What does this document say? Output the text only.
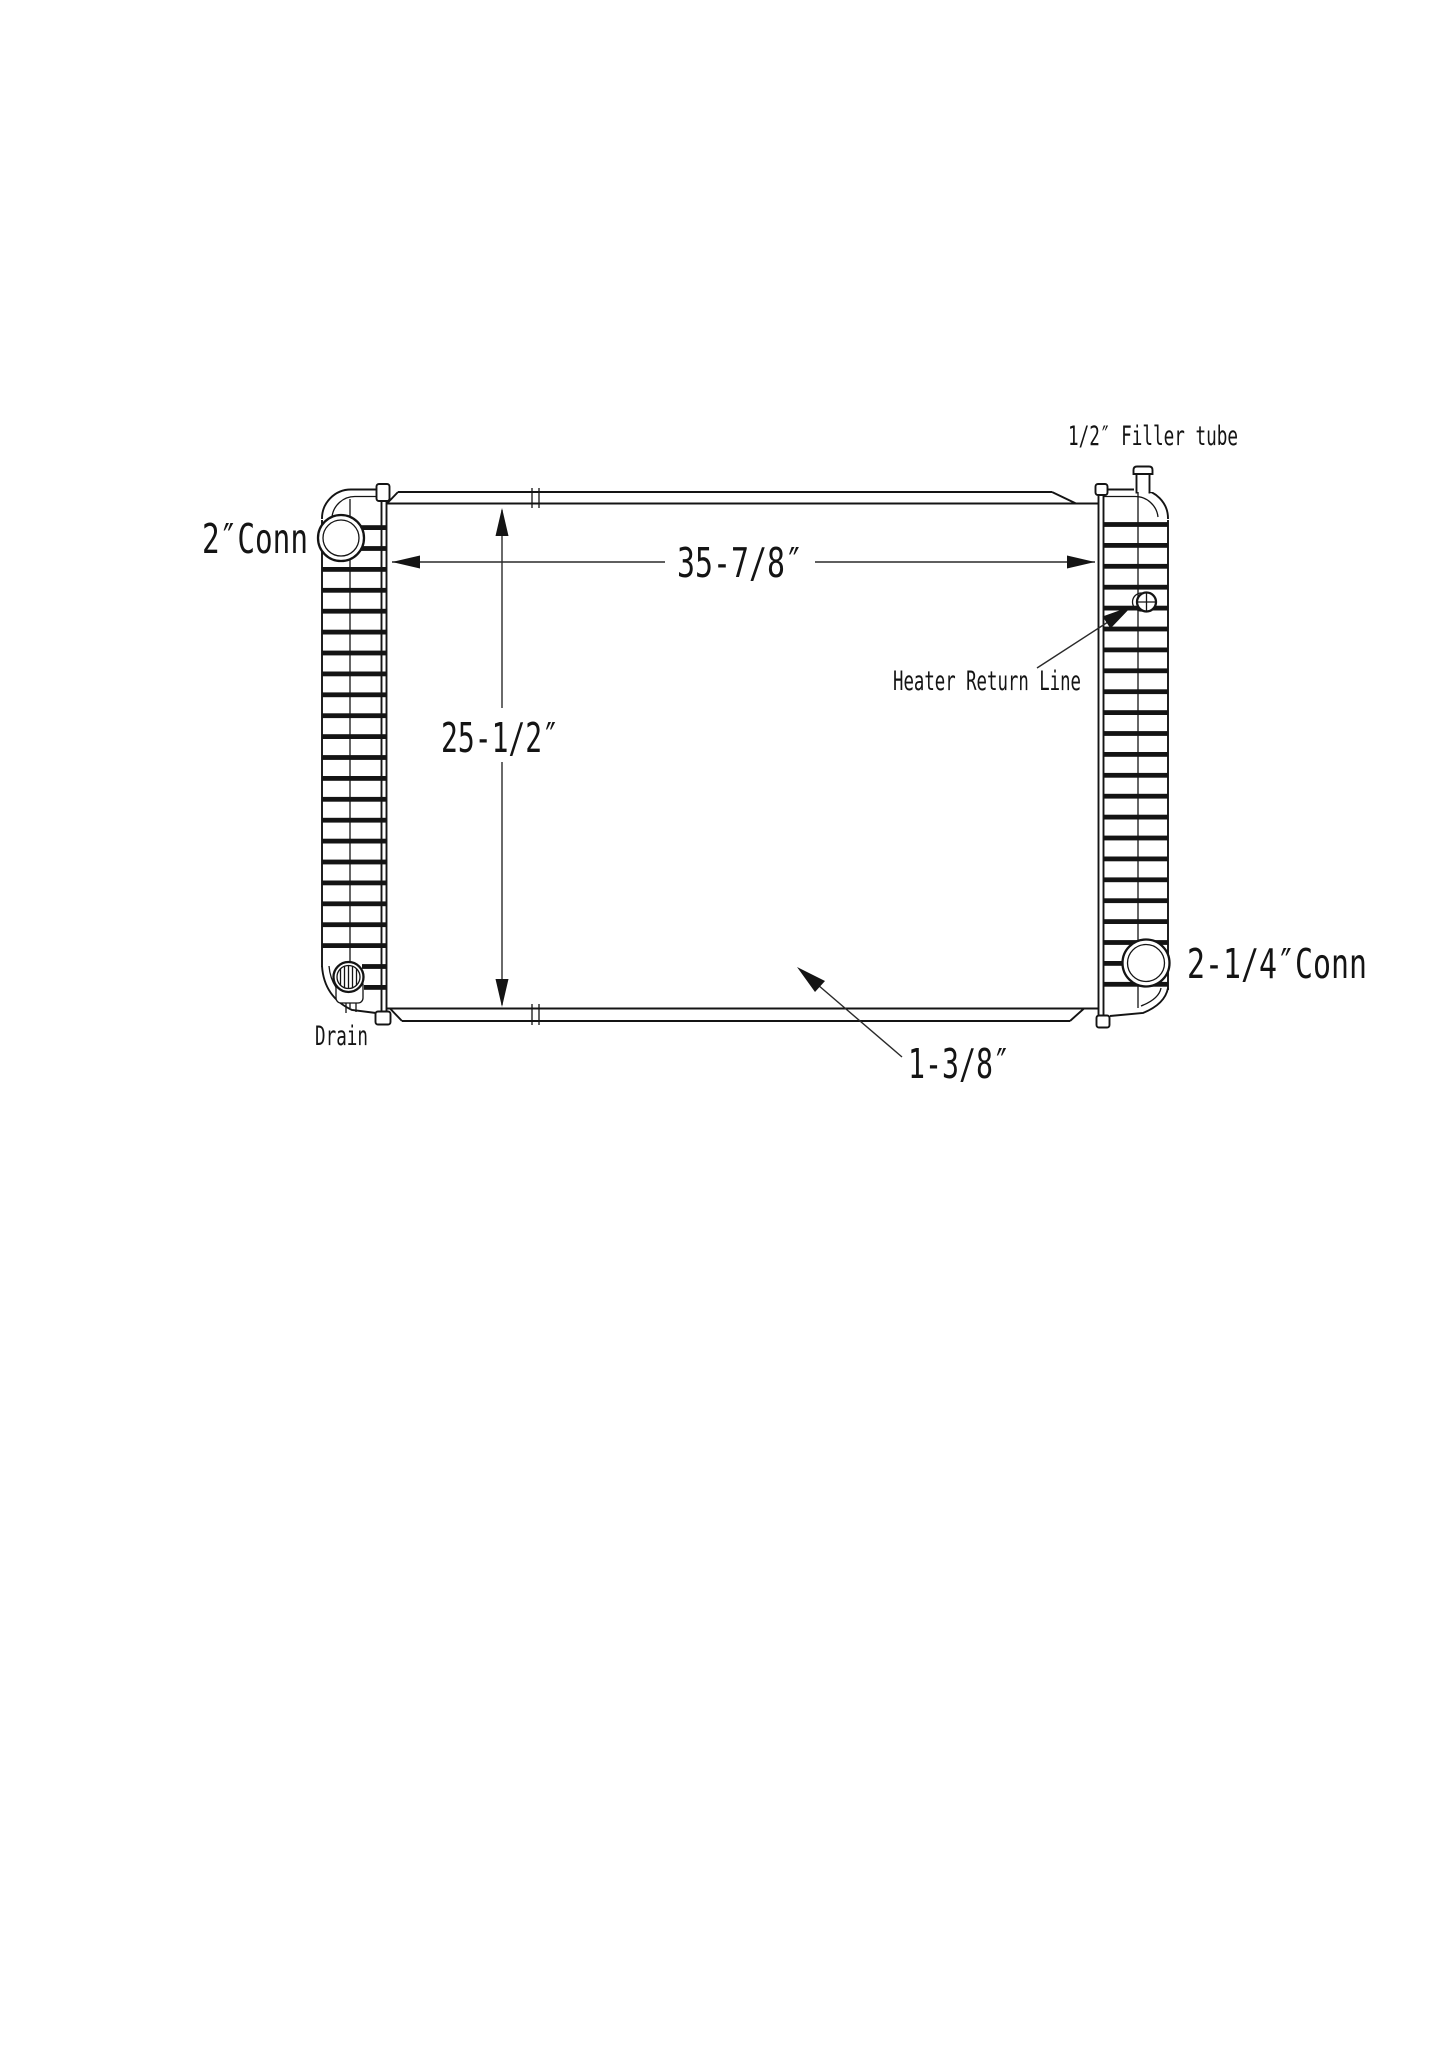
35-7/8″
25-1/2″
1-3/8″
Heater Return Line
2″Conn
1/2″ Filler tube
2-1/4″Conn
Drain
